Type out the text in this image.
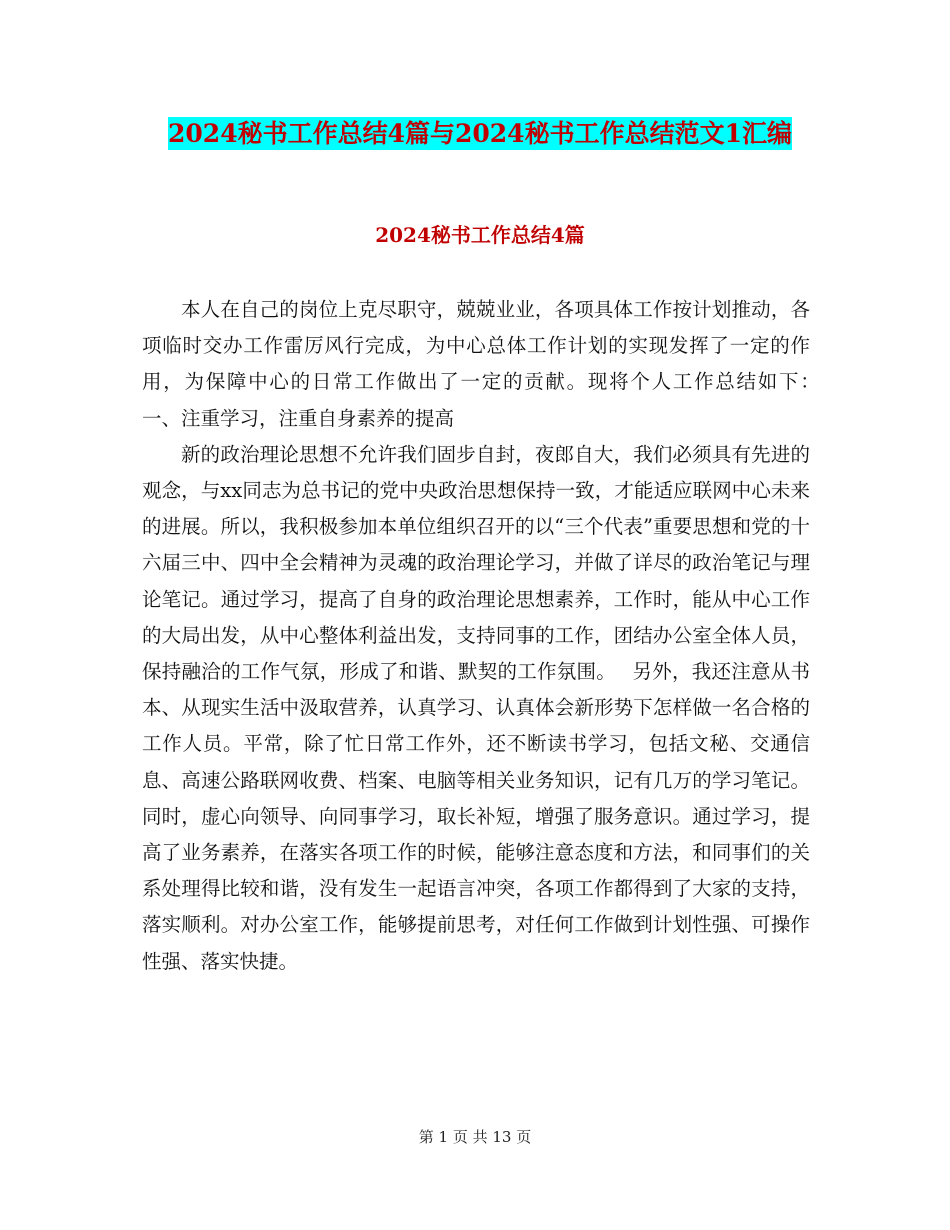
2024秘书工作总结4篇与2024秘书工作总结范文1汇编
2024秘书工作总结4篇

本人在自己的岗位上克尽职守，兢兢业业，各项具体工作按计划推动，各项临时交办工作雷厉风行完成，为中心总体工作计划的实现发挥了一定的作用，为保障中心的日常工作做出了一定的贡献。现将个人工作总结如下：　 一、注重学习，注重自身素养的提高

新的政治理论思想不允许我们固步自封，夜郎自大，我们必须具有先进的观念，与xx同志为总书记的党中央政治思想保持一致，才能适应联网中心未来的进展。所以，我积极参加本单位组织召开的以“三个代表”重要思想和党的十六届三中、四中全会精神为灵魂的政治理论学习，并做了详尽的政治笔记与理论笔记。通过学习，提高了自身的政治理论思想素养，工作时，能从中心工作的大局出发，从中心整体利益出发，支持同事的工作，团结办公室全体人员，保持融洽的工作气氛，形成了和谐、默契的工作氛围。　 另外，我还注意从书本、从现实生活中汲取营养，认真学习、认真体会新形势下怎样做一名合格的工作人员。平常，除了忙日常工作外，还不断读书学习，包括文秘、交通信息、高速公路联网收费、档案、电脑等相关业务知识，记有几万的学习笔记。同时，虚心向领导、向同事学习，取长补短，增强了服务意识。通过学习，提高了业务素养，在落实各项工作的时候，能够注意态度和方法，和同事们的关系处理得比较和谐，没有发生一起语言冲突，各项工作都得到了大家的支持，落实顺利。对办公室工作，能够提前思考，对任何工作做到计划性强、可操作性强、落实快捷。

第 1 页 共 13 页
